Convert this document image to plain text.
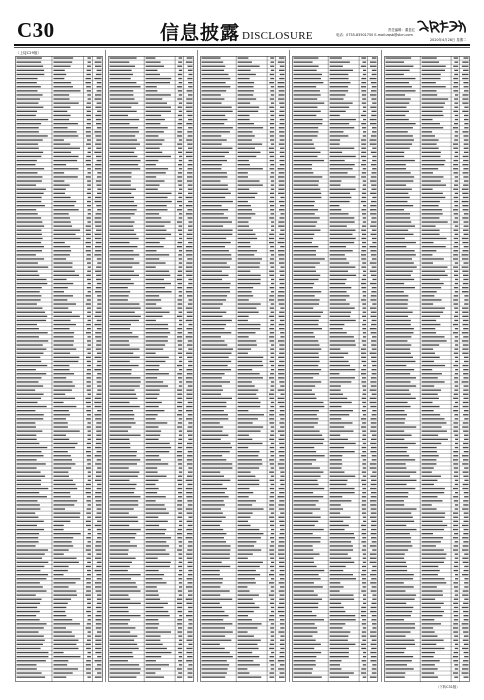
C30	信息披露 DISCLOSURE	责任编辑：董显红
电话：0755-83501750 E-mail:zqsb@stcn.com
2020年4月28日 星期二
（上接C29版）
（下转C31版）
